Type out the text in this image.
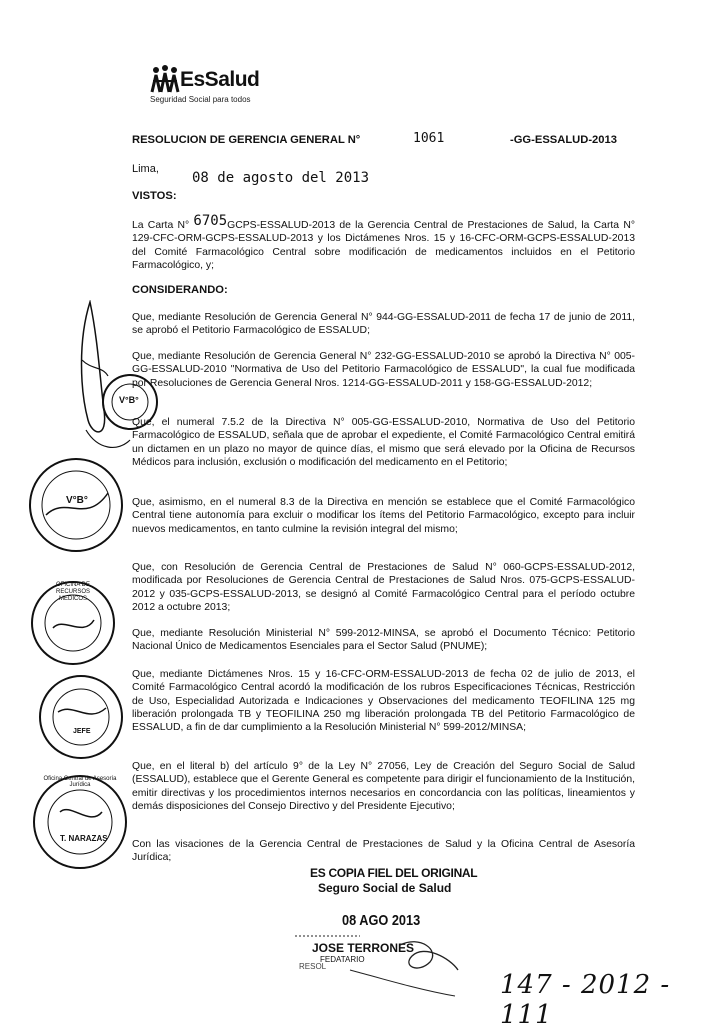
EsSalud
Seguridad Social para todos
RESOLUCION DE GERENCIA GENERAL N°	1061	-GG-ESSALUD-2013
Lima,
08 de agosto del 2013
VISTOS:
La Carta N° 6705GCPS-ESSALUD-2013 de la Gerencia Central de Prestaciones de Salud, la Carta N° 129-CFC-ORM-GCPS-ESSALUD-2013 y los Dictámenes Nros. 15 y 16-CFC-ORM-GCPS-ESSALUD-2013 del Comité Farmacológico Central sobre modificación de medicamentos incluidos en el Petitorio Farmacológico, y;
CONSIDERANDO:
Que, mediante Resolución de Gerencia General N° 944-GG-ESSALUD-2011 de fecha 17 de junio de 2011, se aprobó el Petitorio Farmacológico de ESSALUD;
Que, mediante Resolución de Gerencia General N° 232-GG-ESSALUD-2010 se aprobó la Directiva N° 005-GG-ESSALUD-2010 "Normativa de Uso del Petitorio Farmacológico de ESSALUD", la cual fue modificada por Resoluciones de Gerencia General Nros. 1214-GG-ESSALUD-2011 y 158-GG-ESSALUD-2012;
Que, el numeral 7.5.2 de la Directiva N° 005-GG-ESSALUD-2010, Normativa de Uso del Petitorio Farmacológico de ESSALUD, señala que de aprobar el expediente, el Comité Farmacológico Central emitirá un dictamen en un plazo no mayor de quince días, el mismo que será elevado por la Oficina de Recursos Médicos para inclusión, exclusión o modificación del medicamento en el Petitorio;
Que, asimismo, en el numeral 8.3 de la Directiva en mención se establece que el Comité Farmacológico Central tiene autonomía para excluir o modificar los ítems del Petitorio Farmacológico, excepto para incluir nuevos medicamentos, en tanto culmine la revisión integral del mismo;
Que, con Resolución de Gerencia Central de Prestaciones de Salud N° 060-GCPS-ESSALUD-2012, modificada por Resoluciones de Gerencia Central de Prestaciones de Salud Nros. 075-GCPS-ESSALUD-2012 y 035-GCPS-ESSALUD-2013, se designó al Comité Farmacológico Central para el período octubre 2012 a octubre 2013;
Que, mediante Resolución Ministerial N° 599-2012-MINSA, se aprobó el Documento Técnico: Petitorio Nacional Único de Medicamentos Esenciales para el Sector Salud (PNUME);
Que, mediante Dictámenes Nros. 15 y 16-CFC-ORM-ESSALUD-2013 de fecha 02 de julio de 2013, el Comité Farmacológico Central acordó la modificación de los rubros Especificaciones Técnicas, Restricción de Uso, Especialidad Autorizada e Indicaciones y Observaciones del medicamento TEOFILINA 125 mg liberación prolongada TB y TEOFILINA 250 mg liberación prolongada TB del Petitorio Farmacológico de ESSALUD, a fin de dar cumplimiento a la Resolución Ministerial N° 599-2012/MINSA;
Que, en el literal b) del artículo 9° de la Ley N° 27056, Ley de Creación del Seguro Social de Salud (ESSALUD), establece que el Gerente General es competente para dirigir el funcionamiento de la Institución, emitir directivas y los procedimientos internos necesarios en concordancia con las políticas, lineamientos y demás disposiciones del Consejo Directivo y del Presidente Ejecutivo;
Con las visaciones de la Gerencia Central de Prestaciones de Salud y la Oficina Central de Asesoría Jurídica;
ES COPIA FIEL DEL ORIGINAL
Seguro Social de Salud
08 AGO 2013
JOSE TERRONES
FEDATARIO
RESOL
147 - 2012 - 111
V°B°
V°B°
OFICINA DE RECURSOS MEDICOS
JEFE
Oficina Central de Asesoría Jurídica
T. NARAZAS
